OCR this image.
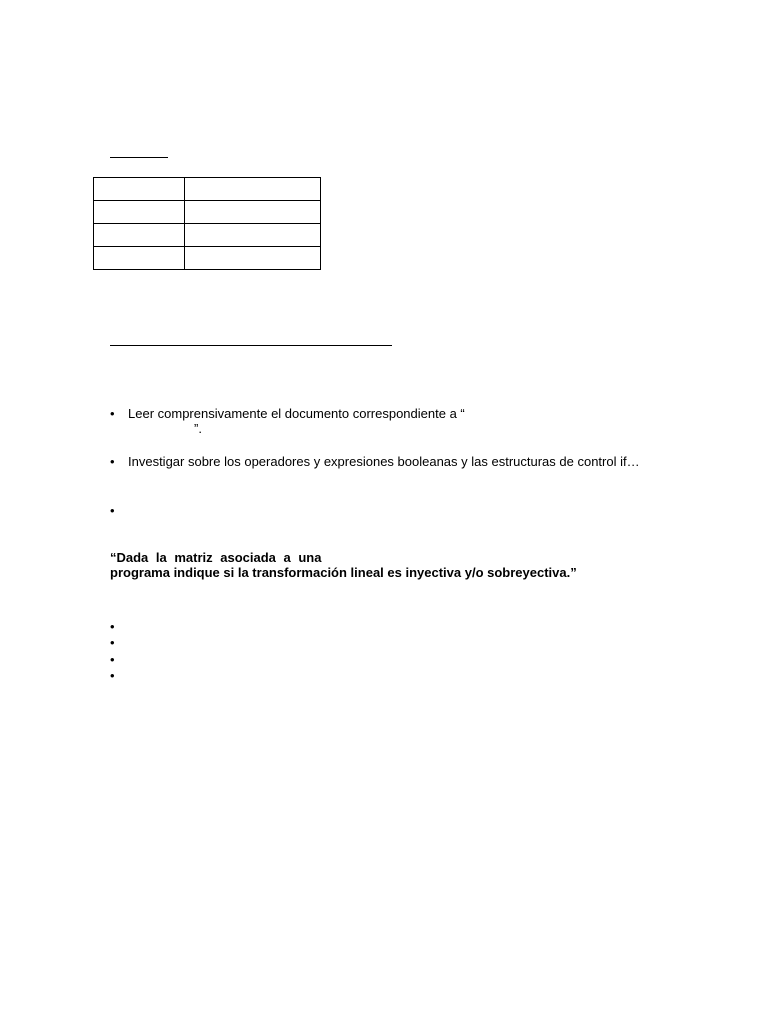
• Leer comprensivamente el documento correspondiente a “
”.
• Investigar sobre los operadores y expresiones booleanas y las estructuras de control if…
•
“Dada la matriz asociada a una
programa indique si la transformación lineal es inyectiva y/o sobreyectiva.”
•
•
•
•
